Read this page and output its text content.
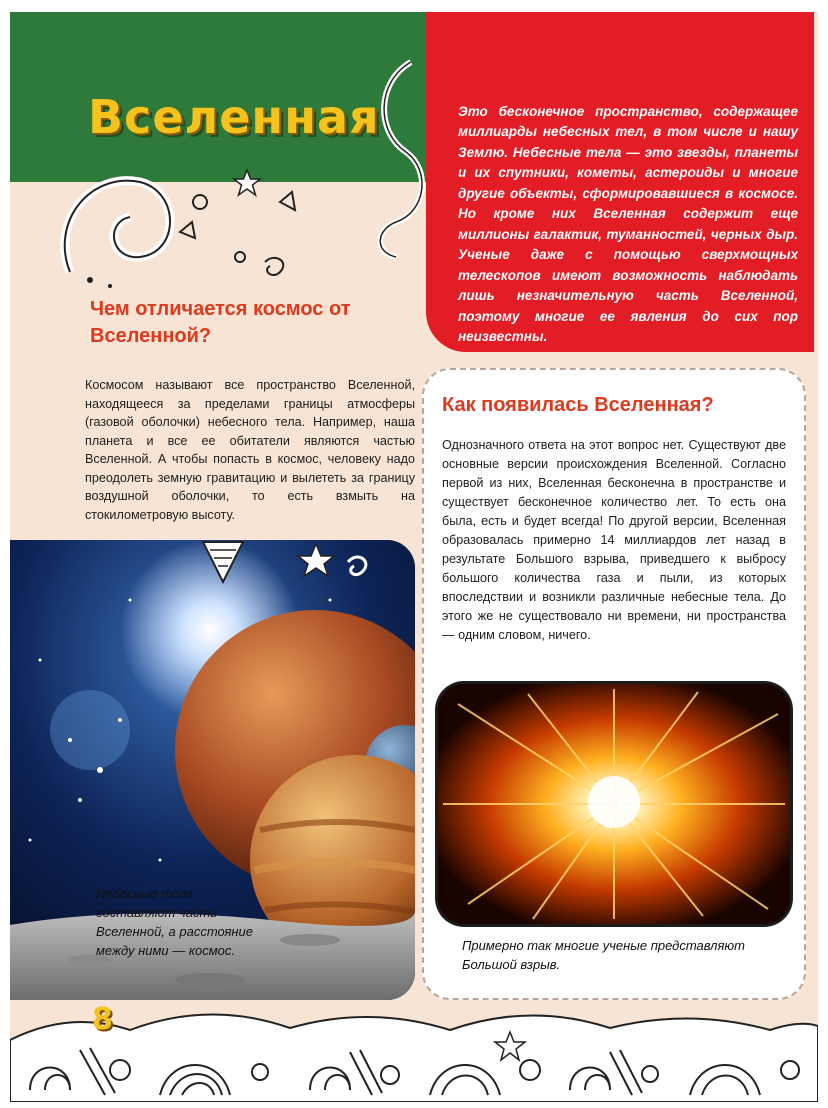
Вселенная	Это бесконечное пространство, содержащее миллиарды небесных тел, в том числе и нашу Землю. Небесные тела — это звезды, планеты и их спутники, кометы, астероиды и многие другие объекты, сформировавшиеся в космосе. Но кроме них Вселенная содержит еще миллионы галактик, туманностей, черных дыр. Ученые даже с помощью сверхмощных телескопов имеют возможность наблюдать лишь незначительную часть Вселенной, поэтому многие ее явления до сих пор неизвестны.

Чем отличается космос от Вселенной?

Космосом называют все пространство Вселенной, находящееся за пределами границы атмосферы (газовой оболочки) небесного тела. Например, наша планета и все ее обитатели являются частью Вселенной. А чтобы попасть в космос, человеку надо преодолеть земную гравитацию и вылететь за границу воздушной оболочки, то есть взмыть на стокилометровую высоту.

Как появилась Вселенная?

Однозначного ответа на этот вопрос нет. Существуют две основные версии происхождения Вселенной. Согласно первой из них, Вселенная бесконечна в пространстве и существует бесконечное количество лет. То есть она была, есть и будет всегда! По другой версии, Вселенная образовалась примерно 14 миллиардов лет назад в результате Большого взрыва, приведшего к выбросу большого количества газа и пыли, из которых впоследствии и возникли различные небесные тела. До этого же не существовало ни времени, ни пространства — одним словом, ничего.

Небесные тела составляют часть Вселенной, а расстояние между ними — космос.	Примерно так многие ученые представляют Большой взрыв.

8
